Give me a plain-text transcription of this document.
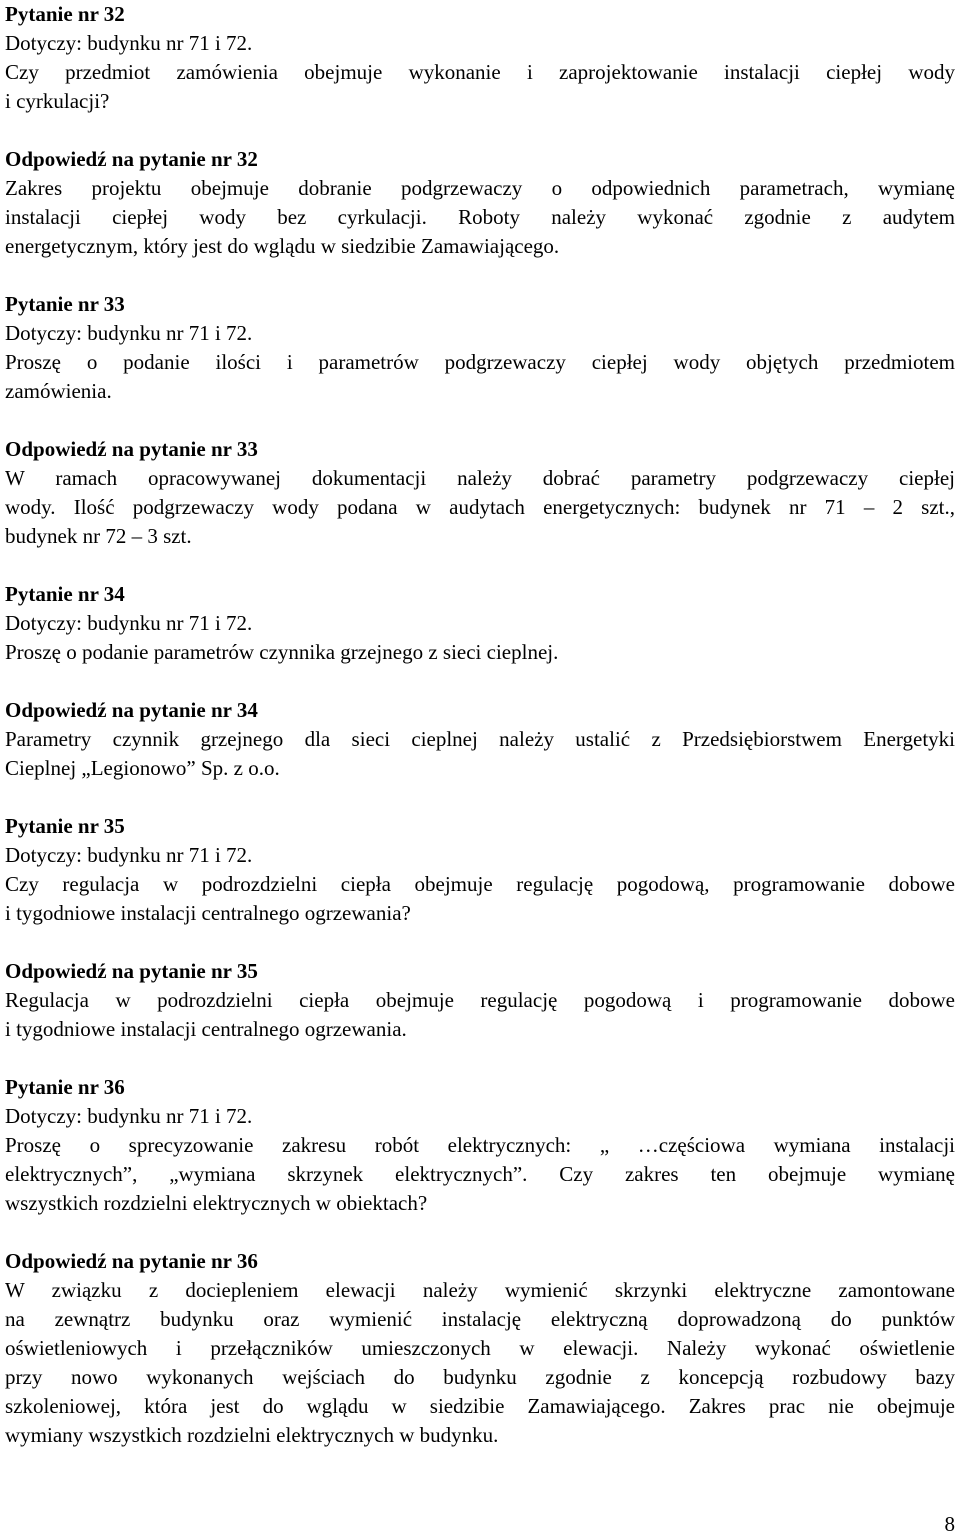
Pytanie nr 32
Dotyczy: budynku nr 71 i 72.
Czy przedmiot zamówienia obejmuje wykonanie i zaprojektowanie instalacji ciepłej wody
i cyrkulacji?
Odpowiedź na pytanie nr 32
Zakres projektu obejmuje dobranie podgrzewaczy o odpowiednich parametrach, wymianę
instalacji ciepłej wody bez cyrkulacji. Roboty należy wykonać zgodnie z audytem
energetycznym, który jest do wglądu w siedzibie Zamawiającego.
Pytanie nr 33
Dotyczy: budynku nr 71 i 72.
Proszę o podanie ilości i parametrów podgrzewaczy ciepłej wody objętych przedmiotem
zamówienia.
Odpowiedź na pytanie nr 33
W ramach opracowywanej dokumentacji należy dobrać parametry podgrzewaczy ciepłej
wody. Ilość podgrzewaczy wody podana w audytach energetycznych: budynek nr 71 – 2 szt.,
budynek nr 72 – 3 szt.
Pytanie nr 34
Dotyczy: budynku nr 71 i 72.
Proszę o podanie parametrów czynnika grzejnego z sieci cieplnej.
Odpowiedź na pytanie nr 34
Parametry czynnik grzejnego dla sieci cieplnej należy ustalić z Przedsiębiorstwem Energetyki
Cieplnej „Legionowo” Sp. z o.o.
Pytanie nr 35
Dotyczy: budynku nr 71 i 72.
Czy regulacja w podrozdzielni ciepła obejmuje regulację pogodową, programowanie dobowe
i tygodniowe instalacji centralnego ogrzewania?
Odpowiedź na pytanie nr 35
Regulacja w podrozdzielni ciepła obejmuje regulację pogodową i programowanie dobowe
i tygodniowe instalacji centralnego ogrzewania.
Pytanie nr 36
Dotyczy: budynku nr 71 i 72.
Proszę o sprecyzowanie zakresu robót elektrycznych: „ …częściowa wymiana instalacji
elektrycznych”, „wymiana skrzynek elektrycznych”. Czy zakres ten obejmuje wymianę
wszystkich rozdzielni elektrycznych w obiektach?
Odpowiedź na pytanie nr 36
W związku z dociepleniem elewacji należy wymienić skrzynki elektryczne zamontowane
na zewnątrz budynku oraz wymienić instalację elektryczną doprowadzoną do punktów
oświetleniowych i przełączników umieszczonych w elewacji. Należy wykonać oświetlenie
przy nowo wykonanych wejściach do budynku zgodnie z koncepcją rozbudowy bazy
szkoleniowej, która jest do wglądu w siedzibie Zamawiającego. Zakres prac nie obejmuje
wymiany wszystkich rozdzielni elektrycznych w budynku.
8
